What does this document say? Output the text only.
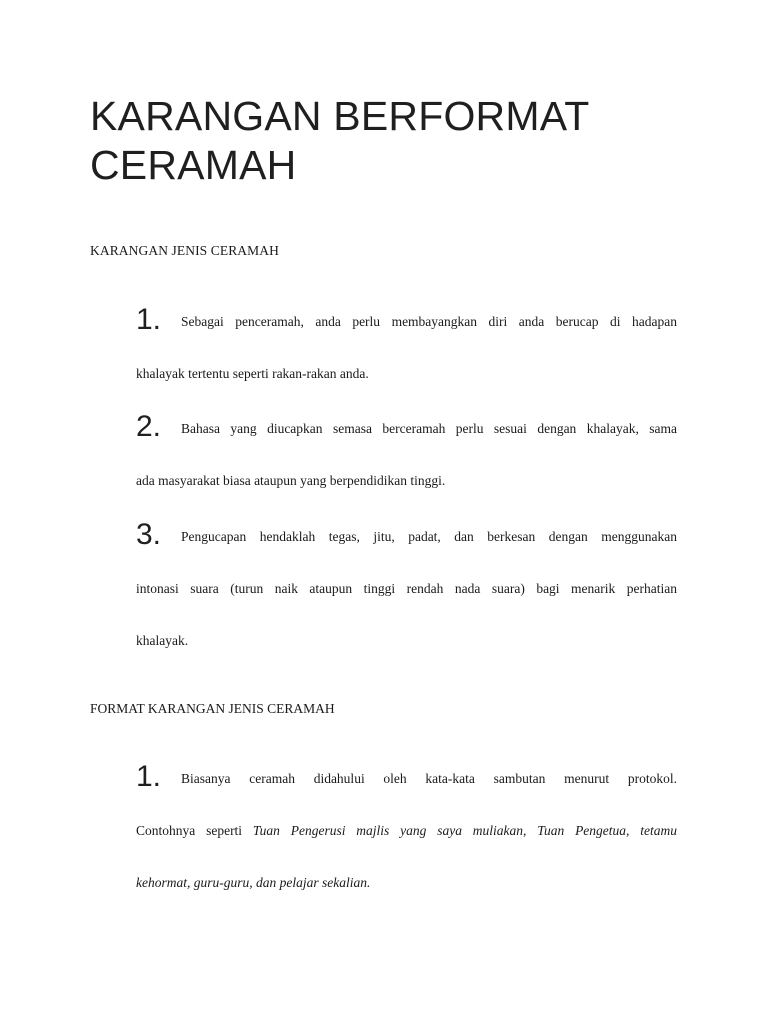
KARANGAN BERFORMAT
CERAMAH

KARANGAN JENIS CERAMAH

1. Sebagai penceramah, anda perlu membayangkan diri anda berucap di hadapan
khalayak tertentu seperti rakan-rakan anda.
2. Bahasa yang diucapkan semasa berceramah perlu sesuai dengan khalayak, sama
ada masyarakat biasa ataupun yang berpendidikan tinggi.
3. Pengucapan hendaklah tegas, jitu, padat, dan berkesan dengan menggunakan
intonasi suara (turun naik ataupun tinggi rendah nada suara) bagi menarik perhatian
khalayak.

FORMAT KARANGAN JENIS CERAMAH

1. Biasanya ceramah didahului oleh kata-kata sambutan menurut protokol.
Contohnya seperti Tuan Pengerusi majlis yang saya muliakan, Tuan Pengetua, tetamu
kehormat, guru-guru, dan pelajar sekalian.
